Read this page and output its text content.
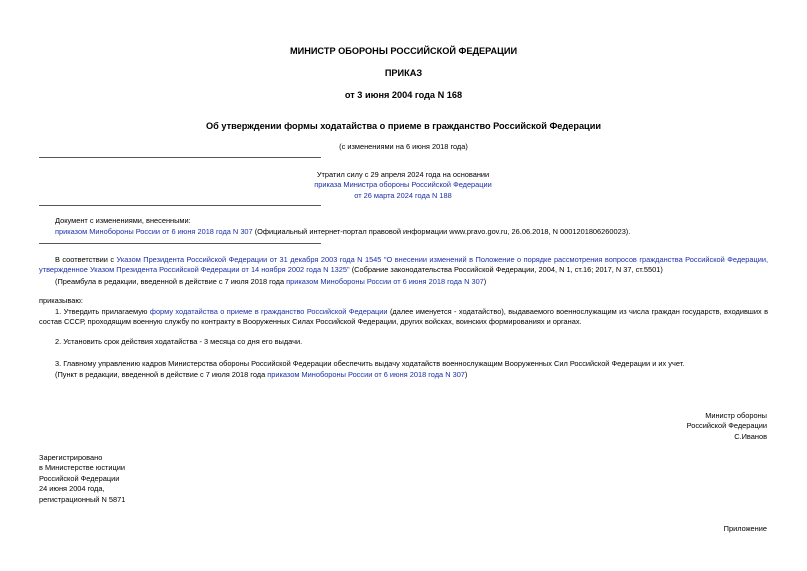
МИНИСТР ОБОРОНЫ РОССИЙСКОЙ ФЕДЕРАЦИИ
ПРИКАЗ
от 3 июня 2004 года N 168
Об утверждении формы ходатайства о приеме в гражданство Российской Федерации
(с изменениями на 6 июня 2018 года)
Утратил силу с 29 апреля 2024 года на основании
приказа Министра обороны Российской Федерации
от 26 марта 2024 года N 188
Документ с изменениями, внесенными:
приказом Минобороны России от 6 июня 2018 года N 307 (Официальный интернет-портал правовой информации www.pravo.gov.ru, 26.06.2018, N 0001201806260023).
В соответствии с Указом Президента Российской Федерации от 31 декабря 2003 года N 1545 "О внесении изменений в Положение о порядке рассмотрения вопросов гражданства Российской Федерации, утвержденное Указом Президента Российской Федерации от 14 ноября 2002 года N 1325" (Собрание законодательства Российской Федерации, 2004, N 1, ст.16; 2017, N 37, ст.5501)
(Преамбула в редакции, введенной в действие с 7 июля 2018 года приказом Минобороны России от 6 июня 2018 года N 307)
приказываю:
1. Утвердить прилагаемую форму ходатайства о приеме в гражданство Российской Федерации (далее именуется - ходатайство), выдаваемого военнослужащим из числа граждан государств, входивших в состав СССР, проходящим военную службу по контракту в Вооруженных Силах Российской Федерации, других войсках, воинских формированиях и органах.
2. Установить срок действия ходатайства - 3 месяца со дня его выдачи.
3. Главному управлению кадров Министерства обороны Российской Федерации обеспечить выдачу ходатайств военнослужащим Вооруженных Сил Российской Федерации и их учет.
(Пункт в редакции, введенной в действие с 7 июля 2018 года приказом Минобороны России от 6 июня 2018 года N 307)
Министр обороны
Российской Федерации
С.Иванов
Зарегистрировано
в Министерстве юстиции
Российской Федерации
24 июня 2004 года,
регистрационный N 5871
Приложение
